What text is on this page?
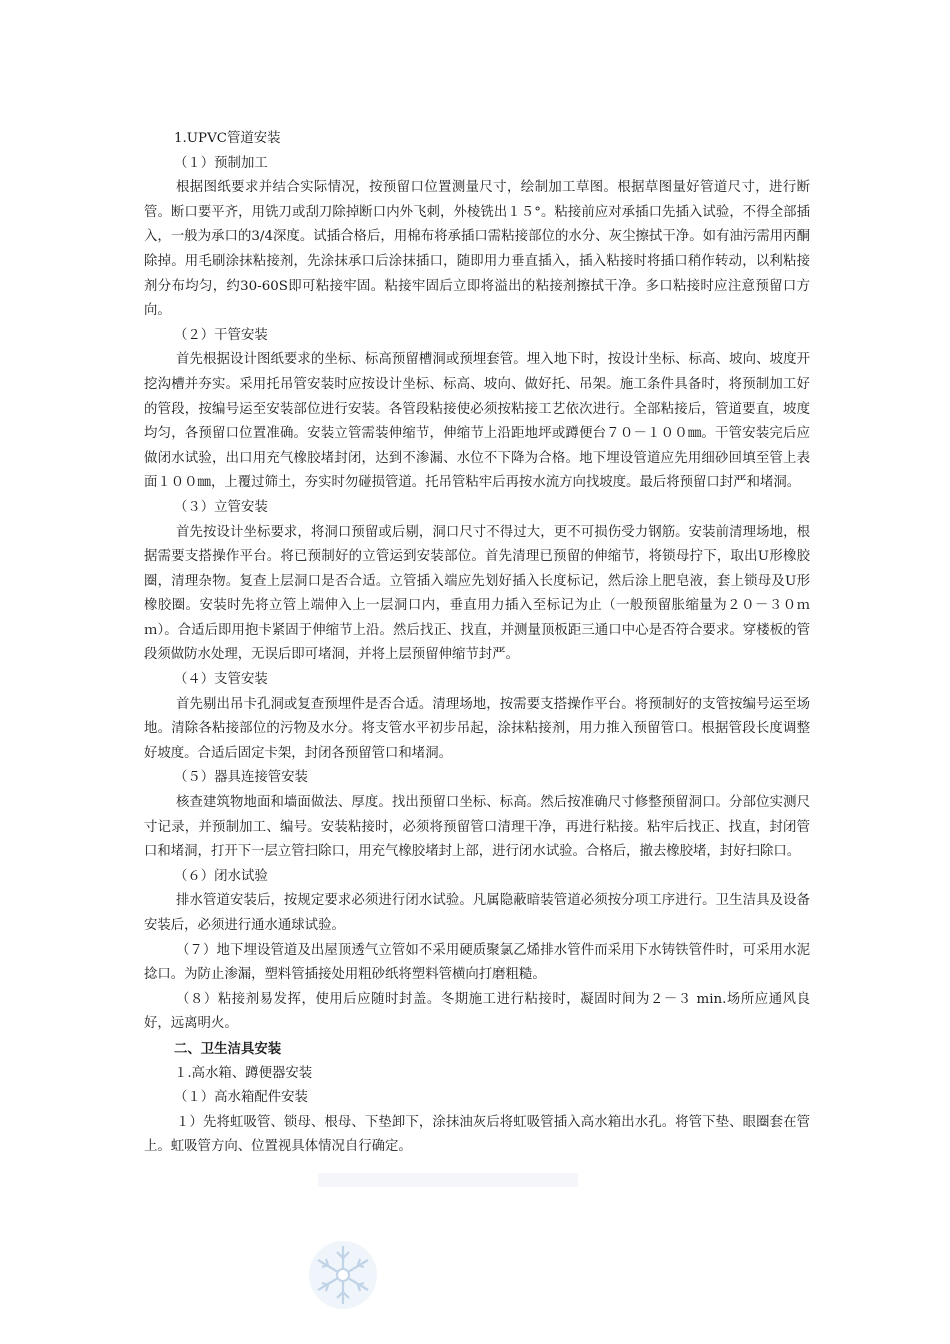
1.UPVC管道安装

（１）预制加工

根据图纸要求并结合实际情况，按预留口位置测量尺寸，绘制加工草图。根据草图量好管道尺寸，进行断管。断口要平齐，用铣刀或刮刀除掉断口内外飞刺，外棱铣出１５°。粘接前应对承插口先插入试验，不得全部插入，一般为承口的3/4深度。试插合格后，用棉布将承插口需粘接部位的水分、灰尘擦拭干净。如有油污需用丙酮除掉。用毛刷涂抹粘接剂，先涂抹承口后涂抹插口，随即用力垂直插入，插入粘接时将插口稍作转动，以利粘接剂分布均匀，约30-60S即可粘接牢固。粘接牢固后立即将溢出的粘接剂擦拭干净。多口粘接时应注意预留口方向。

（２）干管安装

首先根据设计图纸要求的坐标、标高预留槽洞或预埋套管。埋入地下时，按设计坐标、标高、坡向、坡度开挖沟槽并夯实。采用托吊管安装时应按设计坐标、标高、坡向、做好托、吊架。施工条件具备时，将预制加工好的管段，按编号运至安装部位进行安装。各管段粘接使必须按粘接工艺依次进行。全部粘接后，管道要直，坡度均匀，各预留口位置准确。安装立管需装伸缩节，伸缩节上沿距地坪或蹲便台７０－１００㎜。干管安装完后应做闭水试验，出口用充气橡胶堵封闭，达到不渗漏、水位不下降为合格。地下埋设管道应先用细砂回填至管上表面１００㎜，上覆过筛土，夯实时勿碰损管道。托吊管粘牢后再按水流方向找坡度。最后将预留口封严和堵洞。

（３）立管安装

首先按设计坐标要求，将洞口预留或后剔，洞口尺寸不得过大，更不可损伤受力钢筋。安装前清理场地，根据需要支搭操作平台。将已预制好的立管运到安装部位。首先清理已预留的伸缩节，将锁母拧下，取出U形橡胶圈，清理杂物。复查上层洞口是否合适。立管插入端应先划好插入长度标记，然后涂上肥皂液，套上锁母及U形橡胶圈。安装时先将立管上端伸入上一层洞口内，垂直用力插入至标记为止（一般预留胀缩量为２０－３０ｍｍ）。合适后即用抱卡紧固于伸缩节上沿。然后找正、找直，并测量顶板距三通口中心是否符合要求。穿楼板的管段须做防水处理，无误后即可堵洞，并将上层预留伸缩节封严。

（４）支管安装

首先剔出吊卡孔洞或复查预埋件是否合适。清理场地，按需要支搭操作平台。将预制好的支管按编号运至场地。清除各粘接部位的污物及水分。将支管水平初步吊起，涂抹粘接剂，用力推入预留管口。根据管段长度调整好坡度。合适后固定卡架，封闭各预留管口和堵洞。

（５）器具连接管安装

核查建筑物地面和墙面做法、厚度。找出预留口坐标、标高。然后按准确尺寸修整预留洞口。分部位实测尺寸记录，并预制加工、编号。安装粘接时，必须将预留管口清理干净，再进行粘接。粘牢后找正、找直，封闭管口和堵洞，打开下一层立管扫除口，用充气橡胶堵封上部，进行闭水试验。合格后，撤去橡胶堵，封好扫除口。

（６）闭水试验

排水管道安装后，按规定要求必须进行闭水试验。凡属隐蔽暗装管道必须按分项工序进行。卫生洁具及设备安装后，必须进行通水通球试验。

（７）地下埋设管道及出屋顶透气立管如不采用硬质聚氯乙烯排水管件而采用下水铸铁管件时，可采用水泥捻口。为防止渗漏，塑料管插接处用粗砂纸将塑料管横向打磨粗糙。

（８）粘接剂易发挥，使用后应随时封盖。冬期施工进行粘接时，凝固时间为２－３ min.场所应通风良好，远离明火。

二、卫生洁具安装

１.高水箱、蹲便器安装

（１）高水箱配件安装

１）先将虹吸管、锁母、根母、下垫卸下，涂抹油灰后将虹吸管插入高水箱出水孔。将管下垫、眼圈套在管上。虹吸管方向、位置视具体情况自行确定。
